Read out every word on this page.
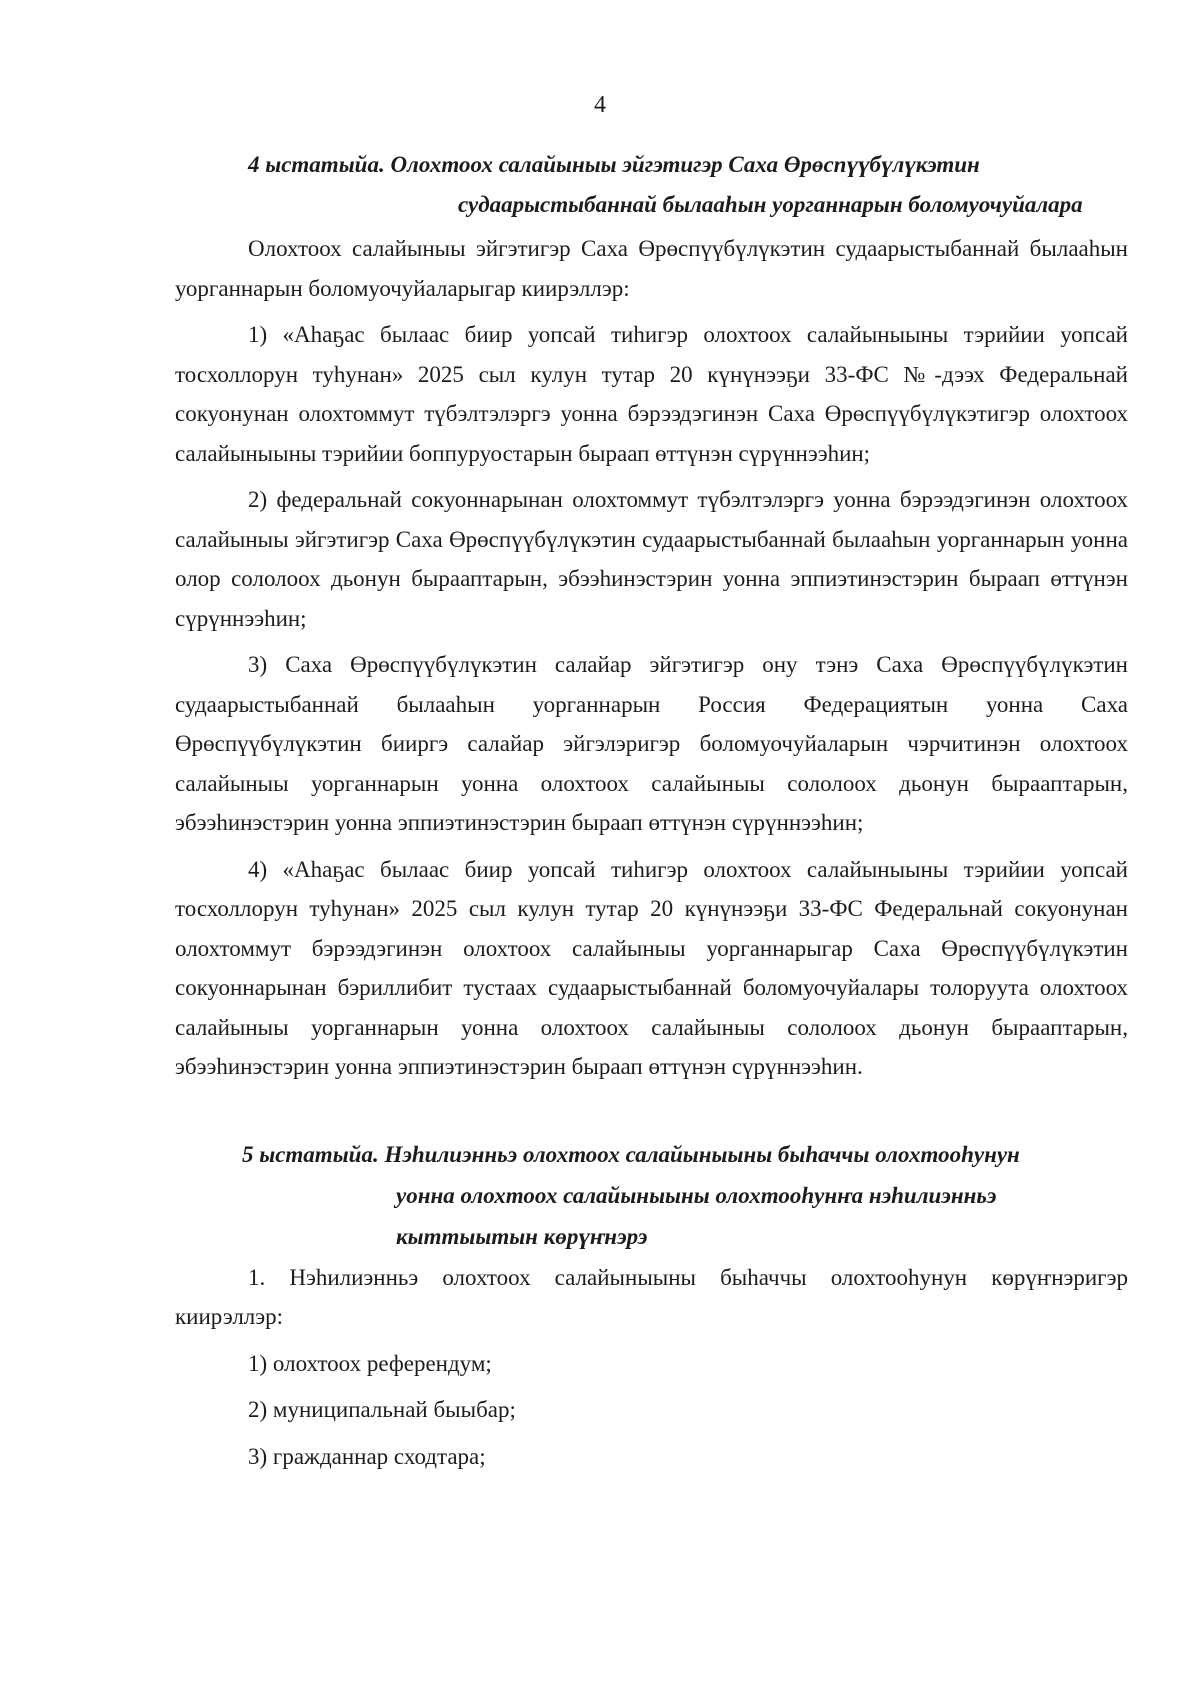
4
4 ыстатыйа. Олохтоох салайыныы эйгэтигэр Саха Өрөспүүбүлүкэтин
судаарыстыбаннай былааһын уорганнарын боломуочуйалара

Олохтоох салайыныы эйгэтигэр Саха Өрөспүүбүлүкэтин судаарыстыбаннай былааһын уорганнарын боломуочуйаларыгар киирэллэр:

1) «Аһаҕас былаас биир уопсай тиһигэр олохтоох салайыныыны тэрийии уопсай тосхоллорун туһунан» 2025 сыл кулун тутар 20 күнүнээҕи 33-ФС №-дээх Федеральнай сокуонунан олохтоммут түбэлтэлэргэ уонна бэрээдэгинэн Саха Өрөспүүбүлүкэтигэр олохтоох салайыныыны тэрийии боппуруостарын быраап өттүнэн сүрүннээһин;

2) федеральнай сокуоннарынан олохтоммут түбэлтэлэргэ уонна бэрээдэгинэн олохтоох салайыныы эйгэтигэр Саха Өрөспүүбүлүкэтин судаарыстыбаннай былааһын уорганнарын уонна олор сололоох дьонун бырааптарын, эбээһинэстэрин уонна эппиэтинэстэрин быраап өттүнэн сүрүннээһин;

3) Саха Өрөспүүбүлүкэтин салайар эйгэтигэр ону тэнэ Саха Өрөспүүбүлүкэтин судаарыстыбаннай былааһын уорганнарын Россия Федерациятын уонна Саха Өрөспүүбүлүкэтин бииргэ салайар эйгэлэригэр боломуочуйаларын чэрчитинэн олохтоох салайыныы уорганнарын уонна олохтоох салайыныы сололоох дьонун бырааптарын, эбээһинэстэрин уонна эппиэтинэстэрин быраап өттүнэн сүрүннээһин;

4) «Аһаҕас былаас биир уопсай тиһигэр олохтоох салайыныыны тэрийии уопсай тосхоллорун туһунан» 2025 сыл кулун тутар 20 күнүнээҕи 33-ФС Федеральнай сокуонунан олохтоммут бэрээдэгинэн олохтоох салайыныы уорганнарыгар Саха Өрөспүүбүлүкэтин сокуоннарынан бэриллибит тустаах судаарыстыбаннай боломуочуйалары толоруута олохтоох салайыныы уорганнарын уонна олохтоох салайыныы сололоох дьонун бырааптарын, эбээһинэстэрин уонна эппиэтинэстэрин быраап өттүнэн сүрүннээһин.

5 ыстатыйа. Нэһилиэнньэ олохтоох салайыныыны быһаччы олохтооһунун
уонна олохтоох салайыныыны олохтооһунҥа нэһилиэнньэ
кыттыытын көрүҥнэрэ

1. Нэһилиэнньэ олохтоох салайыныыны быһаччы олохтооһунун көрүҥнэригэр киирэллэр:

1) олохтоох референдум;
2) муниципальнай быыбар;
3) гражданнар сходтара;
